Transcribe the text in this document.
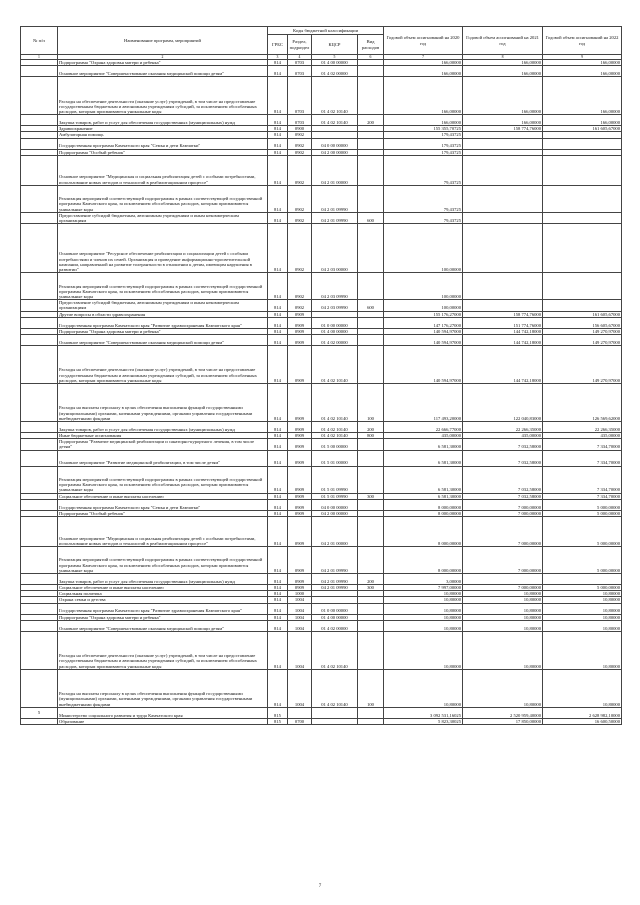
№ п/п	Наименование программ, мероприятий	Коды бюджетной классификации				Годовой объем ассигнований на 2020 год	Годовой объем ассигнований на 2021 год	Годовой объем ассигнований на 2022 год
		ГРБС	Раздел, подраздел	КЦСР	Вид расходов			
1	2	3	4	5	6	7	8	9
	Подпрограмма "Охрана здоровья матери и ребенка"	814	0703	01 4 00 00000		166,00000	166,00000	166,00000
	Основное мероприятие "Совершенствование оказания медицинской помощи детям"	814	0703	01 4 02 00000		166,00000	166,00000	166,00000
	Расходы на обеспечение деятельности (оказание услуг) учреждений, в том числе на предоставление государственным бюджетным и автономным учреждениям субсидий, за исключением обособленных расходов, которым присваиваются уникальные коды	814	0703	01 4 02 10140		166,00000	166,00000	166,00000
	Закупка товаров, работ и услуг для обеспечения государственных (муниципальных) нужд	814	0703	01 4 02 10140	200	166,00000	166,00000	166,00000
	Здравоохранение	814	0900			155 355,70725	158 774,76000	161 605,67000
	Амбулаторная помощь	814	0902			179,43725		
	Государственная программа Камчатского края "Семья и дети Камчатки"	814	0902	04 0 00 00000		179,43725		
	Подпрограмма "Особый ребенок"	814	0902	04 2 00 00000		179,43725		
	Основное мероприятие "Медицинская и социальная реабилитация детей с особыми потребностями, использование новых методов и технологий в реабилитационном процессе"	814	0902	04 2 01 00000		79,43725		
	Реализация мероприятий соответствующей подпрограммы в рамках соответствующей государственной программы Камчатского края, за исключением обособленных расходов, которым присваиваются уникальные коды	814	0902	04 2 01 09990		79,43725		
	Предоставление субсидий бюджетным, автономным учреждениям и иным некоммерческим организациям	814	0902	04 2 01 09990	600	79,43725		
	Основное мероприятие "Ресурсное обеспечение реабилитации и социализации детей с особыми потребностями и членов их семей. Организация и проведение информационно-просветительской кампании, направленной на развитие толерантности в отношении к детям, имеющим нарушения в развитии"	814	0902	04 2 03 00000		100,00000		
	Реализация мероприятий соответствующей подпрограммы в рамках соответствующей государственной программы Камчатского края, за исключением обособленных расходов, которым присваиваются уникальные коды	814	0902	04 2 03 09990		100,00000		
	Предоставление субсидий бюджетным, автономным учреждениям и иным некоммерческим организациям	814	0902	04 2 03 09990	600	100,00000		
	Другие вопросы в области здравоохранения	814	0909			155 176,27000	158 774,76000	161 605,67000
	Государственная программа Камчатского края "Развитие здравоохранения Камчатского края"	814	0909	01 0 00 00000		147 176,27000	151 774,76000	156 605,67000
	Подпрограмма "Охрана здоровья матери и ребенка"	814	0909	01 4 00 00000		140 594,97000	144 742,18000	149 270,97000
	Основное мероприятие "Совершенствование оказания медицинской помощи детям"	814	0909	01 4 02 00000		140 594,97000	144 742,18000	149 270,97000
	Расходы на обеспечение деятельности (оказание услуг) учреждений, в том числе на предоставление государственным бюджетным и автономным учреждениям субсидий, за исключением обособленных расходов, которым присваиваются уникальные коды	814	0909	01 4 02 10140		140 594,97000	144 742,18000	149 270,97000
	Расходы на выплаты персоналу в целях обеспечения выполнения функций государственными (муниципальными) органами, казенными учреждениями, органами управления государственными внебюджетными фондами	814	0909	01 4 02 10140	100	117 493,20000	122 040,83000	126 569,62000
	Закупка товаров, работ и услуг для обеспечения государственных (муниципальных) нужд	814	0909	01 4 02 10140	200	22 666,77000	22 266,35000	22 266,35000
	Иные бюджетные ассигнования	814	0909	01 4 02 10140	800	435,00000	435,00000	435,00000
	Подпрограмма "Развитие медицинской реабилитации и санаторно-курортного лечения, в том числе детям"	814	0909	01 5 00 00000		6 581,30000	7 032,58000	7 334,70000
	Основное мероприятие "Развитие медицинской реабилитации, в том числе детям"	814	0909	01 5 01 00000		6 581,30000	7 032,58000	7 334,70000
	Реализация мероприятий соответствующей подпрограммы в рамках соответствующей государственной программы Камчатского края, за исключением обособленных расходов, которым присваиваются уникальные коды	814	0909	01 5 01 09990		6 581,30000	7 032,58000	7 334,70000
	Социальное обеспечение и иные выплаты населению	814	0909	01 5 01 09990	300	6 581,30000	7 032,58000	7 334,70000
	Государственная программа Камчатского края "Семья и дети Камчатки"	814	0909	04 0 00 00000		8 000,00000	7 000,00000	5 000,00000
	Подпрограмма "Особый ребенок"	814	0909	04 2 00 00000		8 000,00000	7 000,00000	5 000,00000
	Основное мероприятие "Медицинская и социальная реабилитация детей с особыми потребностями, использование новых методов и технологий в реабилитационном процессе"	814	0909	04 2 01 00000		8 000,00000	7 000,00000	5 000,00000
	Реализация мероприятий соответствующей подпрограммы в рамках соответствующей государственной программы Камчатского края, за исключением обособленных расходов, которым присваиваются уникальные коды	814	0909	04 2 01 09990		8 000,00000	7 000,00000	5 000,00000
	Закупка товаров, работ и услуг для обеспечения государственных (муниципальных) нужд	814	0909	04 2 01 09990	200	3,00000		
	Социальное обеспечение и иные выплаты населению	814	0909	04 2 01 09990	300	7 997,00000	7 000,00000	5 000,00000
	Социальная политика	814	1000			10,80000	10,80000	10,80000
	Охрана семьи и детства	814	1004			10,80000	10,80000	10,80000
	Государственная программа Камчатского края "Развитие здравоохранения Камчатского края"	814	1004	01 0 00 00000		10,80000	10,80000	10,80000
	Подпрограмма "Охрана здоровья матери и ребенка"	814	1004	01 4 00 00000		10,80000	10,80000	10,80000
	Основное мероприятие "Совершенствование оказания медицинской помощи детям"	814	1004	01 4 02 00000		10,80000	10,80000	10,80000
	Расходы на обеспечение деятельности (оказание услуг) учреждений, в том числе на предоставление государственным бюджетным и автономным учреждениям субсидий, за исключением обособленных расходов, которым присваиваются уникальные коды	814	1004	01 4 02 10140		10,80000	10,80000	10,80000
	Расходы на выплаты персоналу в целях обеспечения выполнения функций государственными (муниципальными) органами, казенными учреждениями, органами управления государственными внебюджетными фондами	814	1004	01 4 02 10140	100	10,80000	10,80000	10,80000
5	Министерство социального развития и труда Камчатского края	815				3 092 531,16025	2 520 959,40000	2 628 982,10000
	Образование	815	0700			5 823,30025	17 850,00000	16 600,50000
7
